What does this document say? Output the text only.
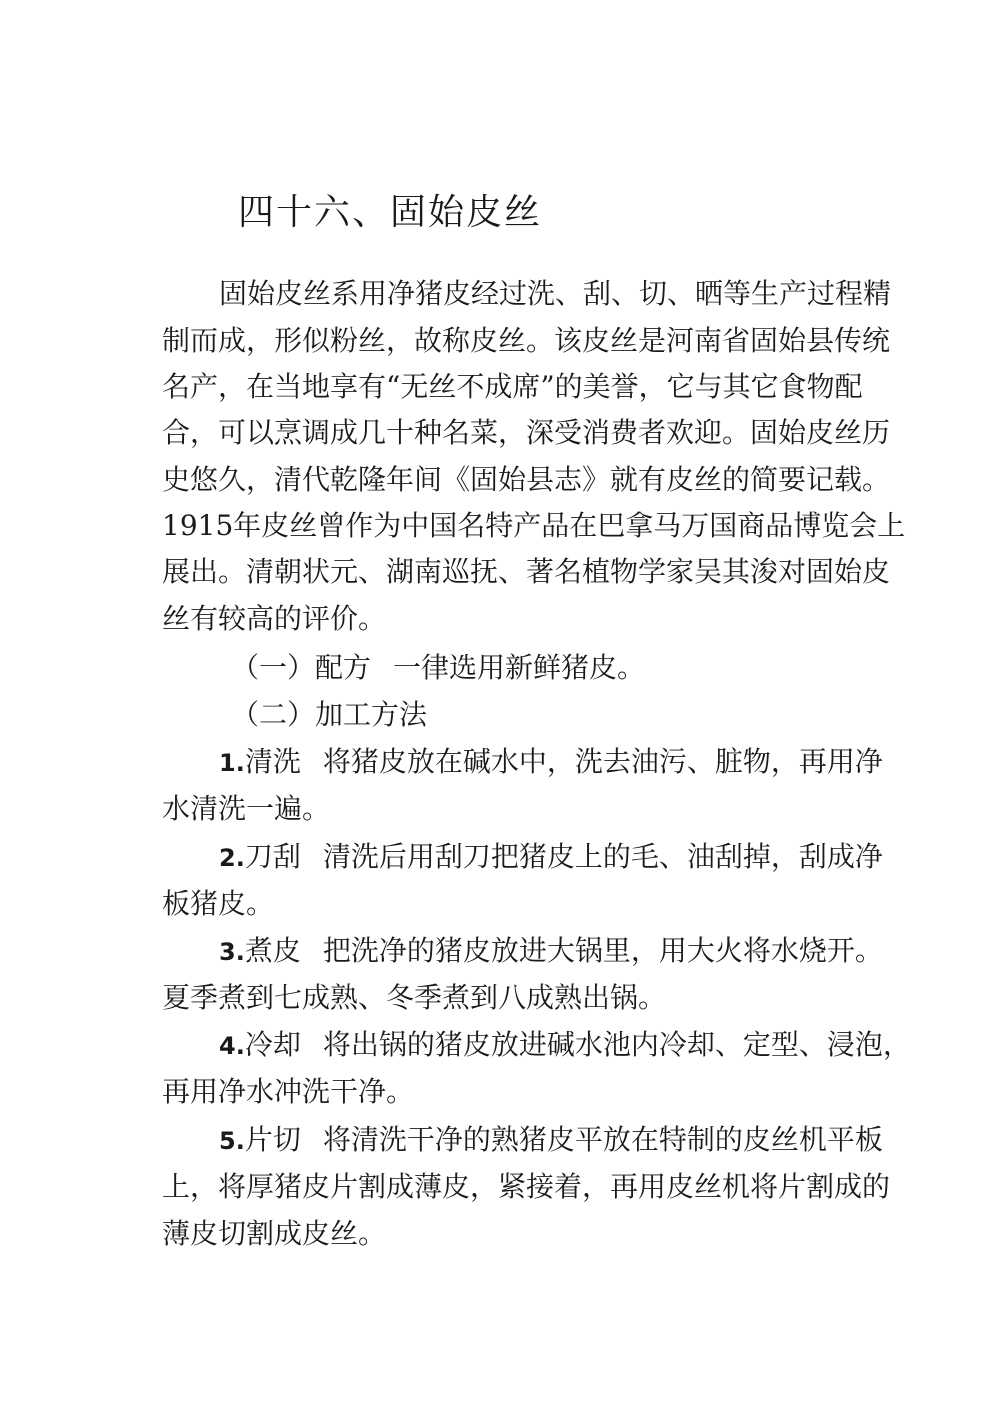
四十六、固始皮丝

固始皮丝系用净猪皮经过洗、刮、切、晒等生产过程精

制而成，形似粉丝，故称皮丝。该皮丝是河南省固始县传统

名产，在当地享有“无丝不成席”的美誉，它与其它食物配

合，可以烹调成几十种名菜，深受消费者欢迎。固始皮丝历

史悠久，清代乾隆年间《固始县志》就有皮丝的简要记载。

1915年皮丝曾作为中国名特产品在巴拿马万国商品博览会上

展出。清朝状元、湖南巡抚、著名植物学家吴其浚对固始皮

丝有较高的评价。

（一）配方 一律选用新鲜猪皮。

（二）加工方法

1.清洗 将猪皮放在碱水中，洗去油污、脏物，再用净

水清洗一遍。

2.刀刮 清洗后用刮刀把猪皮上的毛、油刮掉，刮成净

板猪皮。

3.煮皮 把洗净的猪皮放进大锅里，用大火将水烧开。

夏季煮到七成熟、冬季煮到八成熟出锅。

4.冷却 将出锅的猪皮放进碱水池内冷却、定型、浸泡，

再用净水冲洗干净。

5.片切 将清洗干净的熟猪皮平放在特制的皮丝机平板

上，将厚猪皮片割成薄皮，紧接着，再用皮丝机将片割成的

薄皮切割成皮丝。
